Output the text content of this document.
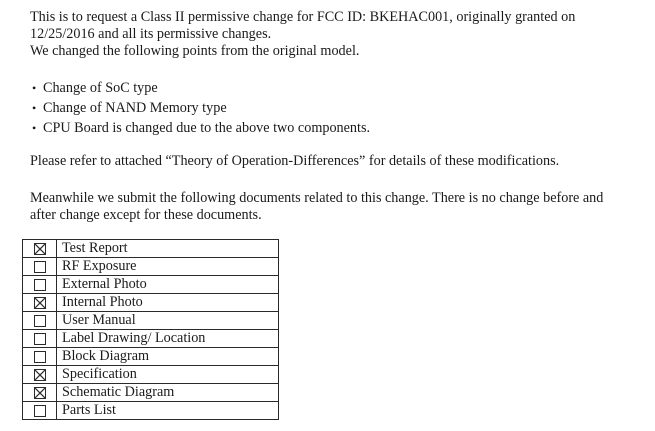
This is to request a Class II permissive change for FCC ID: BKEHAC001, originally granted on

12/25/2016 and all its permissive changes.

We changed the following points from the original model.

• Change of SoC type
• Change of NAND Memory type
• CPU Board is changed due to the above two components.

Please refer to attached “Theory of Operation-Differences” for details of these modifications.

Meanwhile we submit the following documents related to this change. There is no change before and

after change except for these documents.

	Test Report
	RF Exposure
	External Photo

	Internal Photo
	User Manual
	Label Drawing/ Location
	Block Diagram

	Specification

	Schematic Diagram
	Parts List
